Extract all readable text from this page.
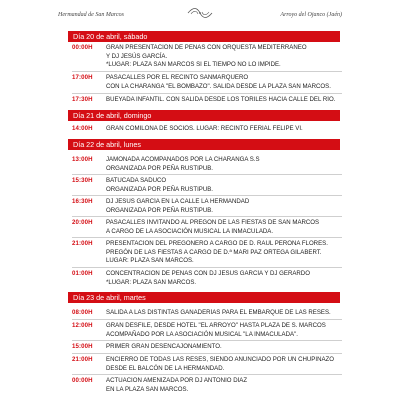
Hermandad de San Marcos	Arroyo del Ojanco (Jaén)
Día 20 de abril, sábado
00:00H GRAN PRESENTACIÓN DE PEÑAS CON ORQUESTA MEDITERRÁNEO
Y DJ JESÚS GARCÍA.
*LUGAR: PLAZA SAN MARCOS SI EL TIEMPO NO LO IMPIDE.
17:00H PASACALLES POR EL RECINTO SANMARQUERO
CON LA CHARANGA "EL BOMBAZO". SALIDA DESDE LA PLAZA SAN MARCOS.
17:30H BUEYADA INFANTIL. CON SALIDA DESDE LOS TORILES HACIA CALLE DEL RÍO.
Día 21 de abril, domingo
14:00H GRAN COMILONA DE SOCIOS. LUGAR: RECINTO FERIAL FELIPE VI.
Día 22 de abril, lunes
13:00H JAMONADA ACOMPAÑADOS POR LA CHARANGA S.S
ORGANIZADA POR PEÑA RUSTIPUB.
15:30H BATUCADA SADUCO
ORGANIZADA POR PEÑA RUSTIPUB.
16:30H DJ JESÚS GARCÍA EN LA CALLE LA HERMANDAD
ORGANIZADA POR PEÑA RUSTIPUB.
20:00H PASACALLES INVITANDO AL PREGÓN DE LAS FIESTAS DE SAN MARCOS
A CARGO DE LA ASOCIACIÓN MUSICAL LA INMACULADA.
21:00H PRESENTACIÓN DEL PREGONERO A CARGO DE D. RAÚL PERONA FLORES.
PREGÓN DE LAS FIESTAS A CARGO DE D.ª MARI PAZ ORTEGA GILABERT.
LUGAR: PLAZA SAN MARCOS.
01:00H CONCENTRACIÓN DE PEÑAS CON DJ JESÚS GARCÍA Y DJ GERARDO
*LUGAR: PLAZA SAN MARCOS.
Día 23 de abril, martes
08:00H SALIDA A LAS DISTINTAS GANADERÍAS PARA EL EMBARQUE DE LAS RESES.
12:00H GRAN DESFILE, DESDE HOTEL "EL ARROYO" HASTA PLAZA DE S. MARCOS
ACOMPAÑADO POR LA ASOCIACIÓN MUSICAL "LA INMACULADA".
15:00H PRIMER GRAN DESENCAJONAMIENTO.
21:00H ENCIERRO DE TODAS LAS RESES, SIENDO ANUNCIADO POR UN CHUPINAZO
DESDE EL BALCÓN DE LA HERMANDAD.
00:00H ACTUACIÓN AMENIZADA POR DJ ANTONIO DÍAZ
EN LA PLAZA SAN MARCOS.
